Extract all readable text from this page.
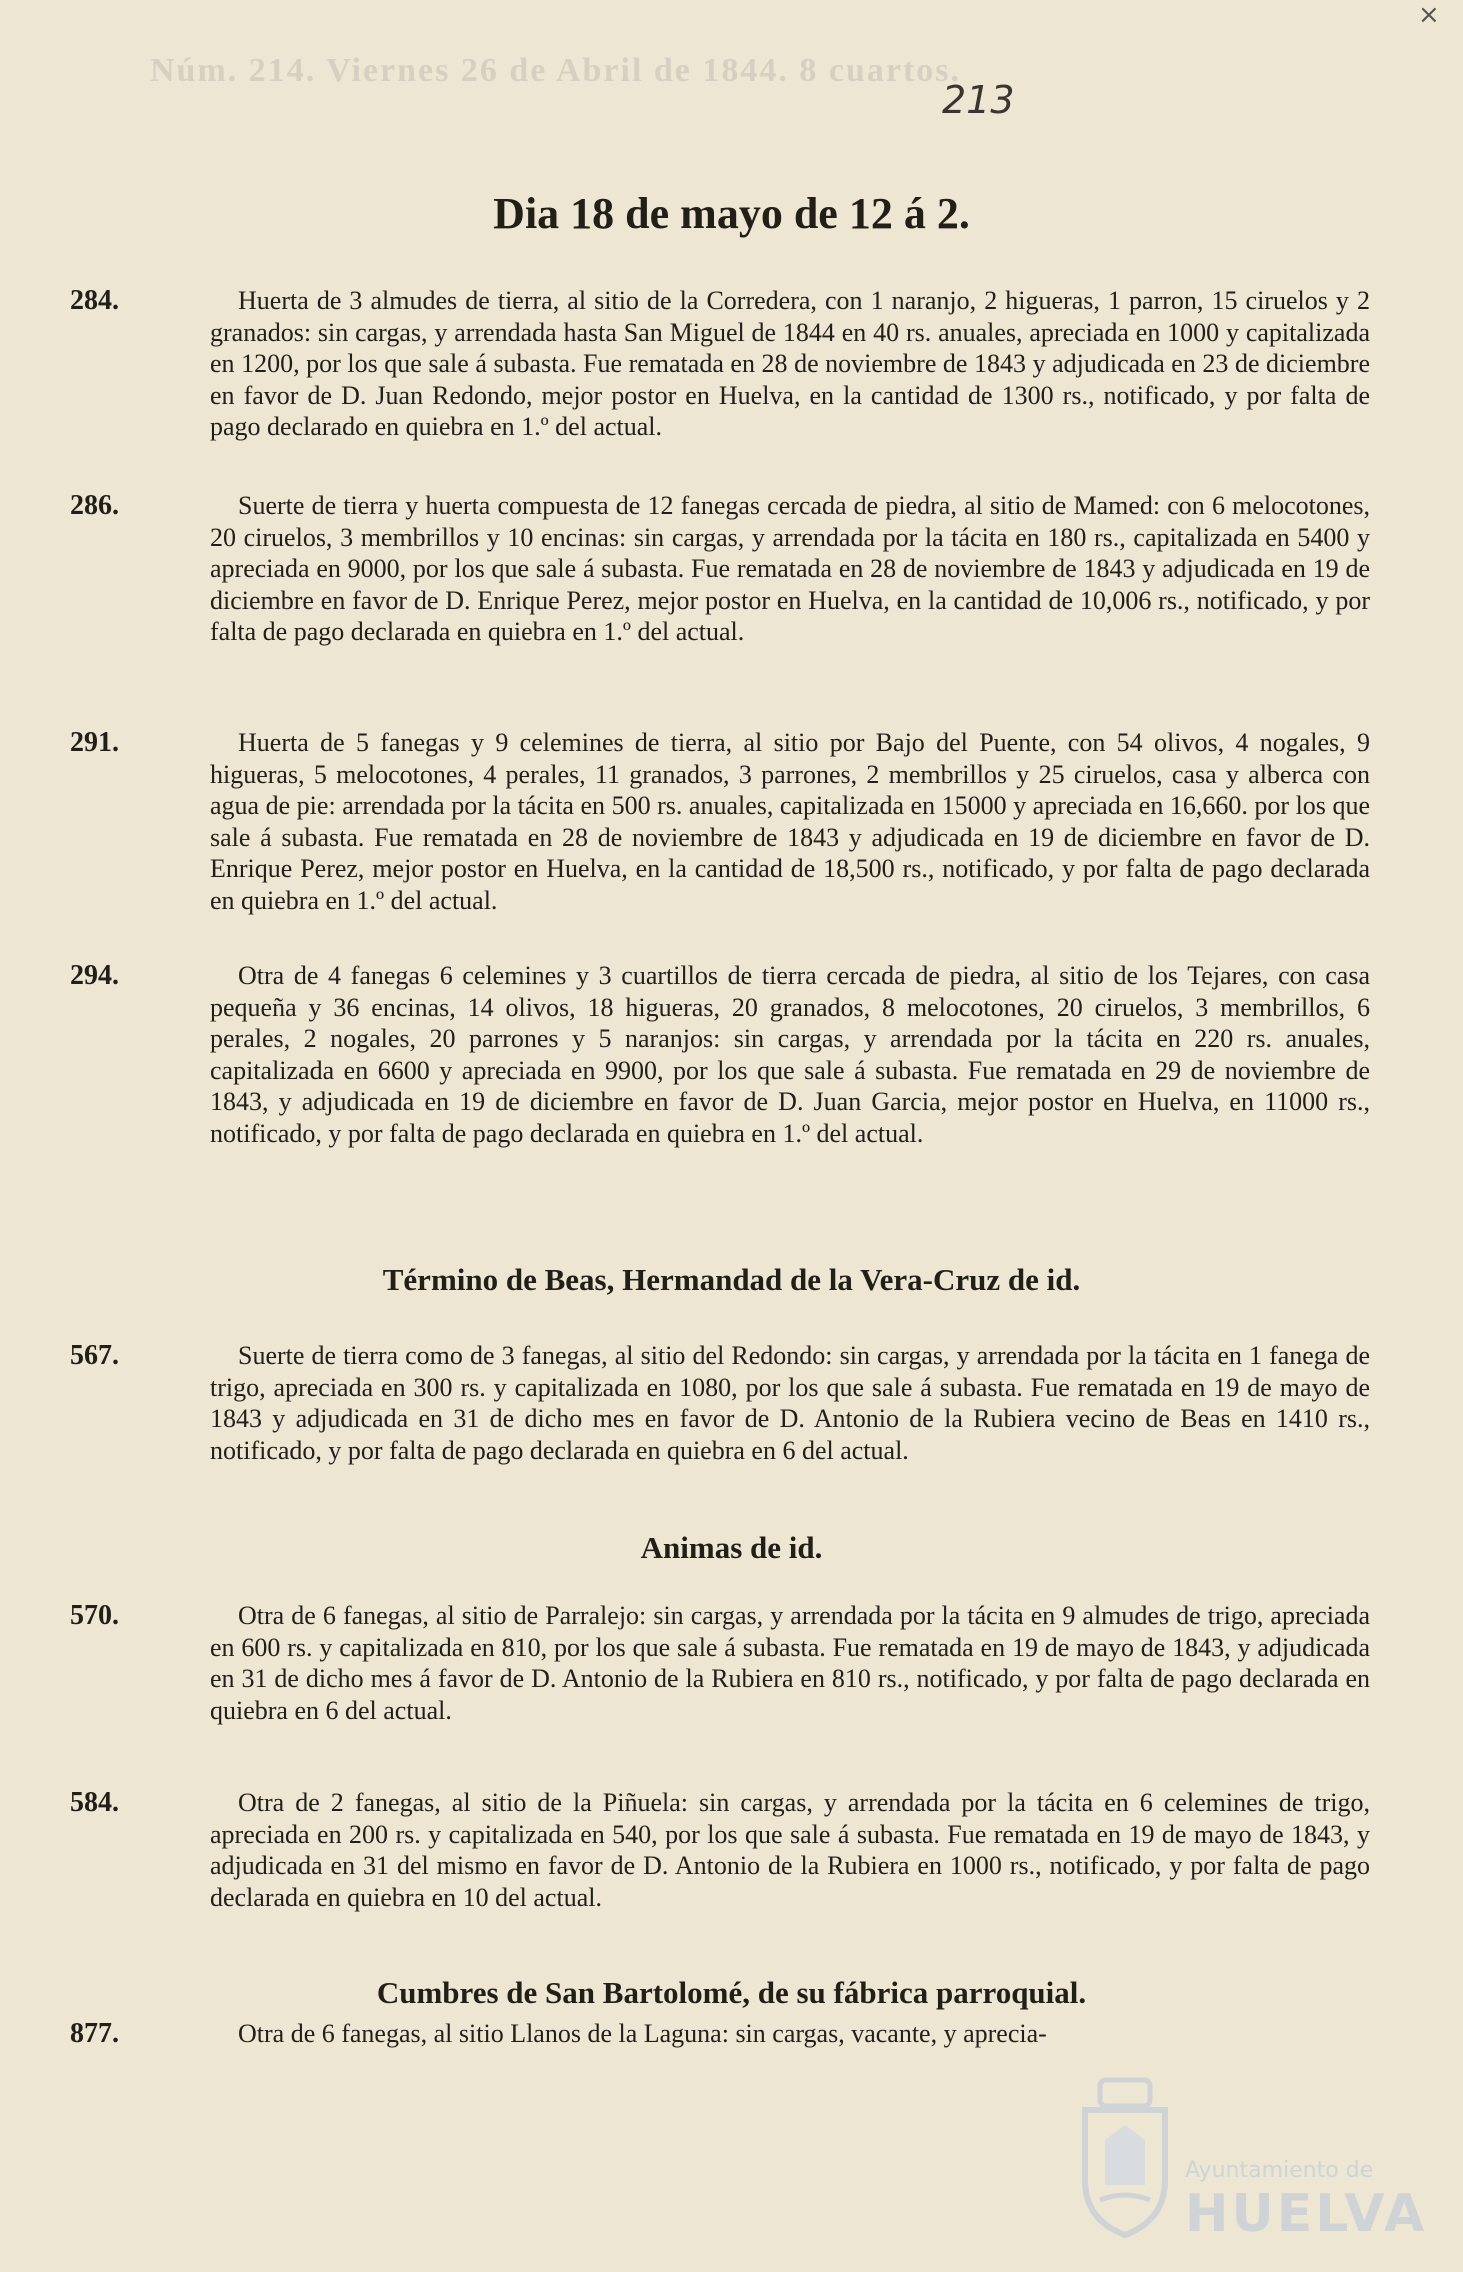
×
Núm. 214. Viernes 26 de Abril de 1844. 8 cuartos.
213
Dia 18 de mayo de 12 á 2.
284.	Huerta de 3 almudes de tierra, al sitio de la Corredera, con 1 naranjo, 2 higueras, 1 parron, 15 ciruelos y 2 granados: sin cargas, y arrendada hasta San Miguel de 1844 en 40 rs. anuales, apreciada en 1000 y capitalizada en 1200, por los que sale á subasta. Fue rematada en 28 de noviembre de 1843 y adjudicada en 23 de diciembre en favor de D. Juan Redondo, mejor postor en Huelva, en la cantidad de 1300 rs., notificado, y por falta de pago declarado en quiebra en 1.º del actual.
286.	Suerte de tierra y huerta compuesta de 12 fanegas cercada de piedra, al sitio de Mamed: con 6 melocotones, 20 ciruelos, 3 membrillos y 10 encinas: sin cargas, y arrendada por la tácita en 180 rs., capitalizada en 5400 y apreciada en 9000, por los que sale á subasta. Fue rematada en 28 de noviembre de 1843 y adjudicada en 19 de diciembre en favor de D. Enrique Perez, mejor postor en Huelva, en la cantidad de 10,006 rs., notificado, y por falta de pago declarada en quiebra en 1.º del actual.
291.	Huerta de 5 fanegas y 9 celemines de tierra, al sitio por Bajo del Puente, con 54 olivos, 4 nogales, 9 higueras, 5 melocotones, 4 perales, 11 granados, 3 parrones, 2 membrillos y 25 ciruelos, casa y alberca con agua de pie: arrendada por la tácita en 500 rs. anuales, capitalizada en 15000 y apreciada en 16,660. por los que sale á subasta. Fue rematada en 28 de noviembre de 1843 y adjudicada en 19 de diciembre en favor de D. Enrique Perez, mejor postor en Huelva, en la cantidad de 18,500 rs., notificado, y por falta de pago declarada en quiebra en 1.º del actual.
294.	Otra de 4 fanegas 6 celemines y 3 cuartillos de tierra cercada de piedra, al sitio de los Tejares, con casa pequeña y 36 encinas, 14 olivos, 18 higueras, 20 granados, 8 melocotones, 20 ciruelos, 3 membrillos, 6 perales, 2 nogales, 20 parrones y 5 naranjos: sin cargas, y arrendada por la tácita en 220 rs. anuales, capitalizada en 6600 y apreciada en 9900, por los que sale á subasta. Fue rematada en 29 de noviembre de 1843, y adjudicada en 19 de diciembre en favor de D. Juan Garcia, mejor postor en Huelva, en 11000 rs., notificado, y por falta de pago declarada en quiebra en 1.º del actual.
Término de Beas, Hermandad de la Vera-Cruz de id.
567.	Suerte de tierra como de 3 fanegas, al sitio del Redondo: sin cargas, y arrendada por la tácita en 1 fanega de trigo, apreciada en 300 rs. y capitalizada en 1080, por los que sale á subasta. Fue rematada en 19 de mayo de 1843 y adjudicada en 31 de dicho mes en favor de D. Antonio de la Rubiera vecino de Beas en 1410 rs., notificado, y por falta de pago declarada en quiebra en 6 del actual.
Animas de id.
570.	Otra de 6 fanegas, al sitio de Parralejo: sin cargas, y arrendada por la tácita en 9 almudes de trigo, apreciada en 600 rs. y capitalizada en 810, por los que sale á subasta. Fue rematada en 19 de mayo de 1843, y adjudicada en 31 de dicho mes á favor de D. Antonio de la Rubiera en 810 rs., notificado, y por falta de pago declarada en quiebra en 6 del actual.
584.	Otra de 2 fanegas, al sitio de la Piñuela: sin cargas, y arrendada por la tácita en 6 celemines de trigo, apreciada en 200 rs. y capitalizada en 540, por los que sale á subasta. Fue rematada en 19 de mayo de 1843, y adjudicada en 31 del mismo en favor de D. Antonio de la Rubiera en 1000 rs., notificado, y por falta de pago declarada en quiebra en 10 del actual.
Cumbres de San Bartolomé, de su fábrica parroquial.
877.	Otra de 6 fanegas, al sitio Llanos de la Laguna: sin cargas, vacante, y aprecia-
Ayuntamiento de
HUELVA
